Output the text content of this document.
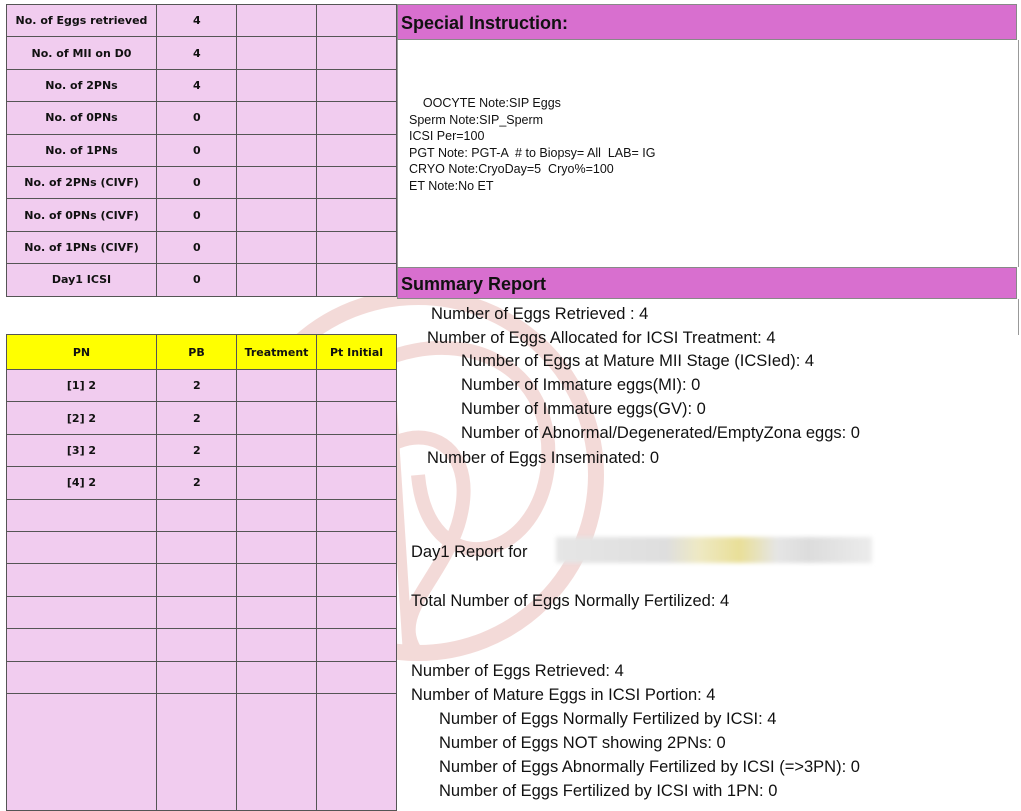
No. of Eggs retrieved	4		
No. of MII on D0	4		
No. of 2PNs	4		
No. of 0PNs	0		
No. of 1PNs	0		
No. of 2PNs (CIVF)	0		
No. of 0PNs (CIVF)	0		
No. of 1PNs (CIVF)	0		
Day1 ICSI	0		
PN	PB	Treatment	Pt Initial
[1] 2	2		
[2] 2	2		
[3] 2	2		
[4] 2	2		

Special Instruction:
OOCYTE Note:SIP Eggs
Sperm Note:SIP_Sperm
ICSI Per=100
PGT Note: PGT-A  # to Biopsy= All  LAB= IG
CRYO Note:CryoDay=5  Cryo%=100
ET Note:No ET
Summary Report
Number of Eggs Retrieved : 4
Number of Eggs Allocated for ICSI Treatment: 4
Number of Eggs at Mature MII Stage (ICSIed): 4
Number of Immature eggs(MI): 0
Number of Immature eggs(GV): 0
Number of Abnormal/Degenerated/EmptyZona eggs: 0
Number of Eggs Inseminated: 0
Day1 Report for
Total Number of Eggs Normally Fertilized: 4
Number of Eggs Retrieved: 4
Number of Mature Eggs in ICSI Portion: 4
Number of Eggs Normally Fertilized by ICSI: 4
Number of Eggs NOT showing 2PNs: 0
Number of Eggs Abnormally Fertilized by ICSI (=>3PN): 0
Number of Eggs Fertilized by ICSI with 1PN: 0
